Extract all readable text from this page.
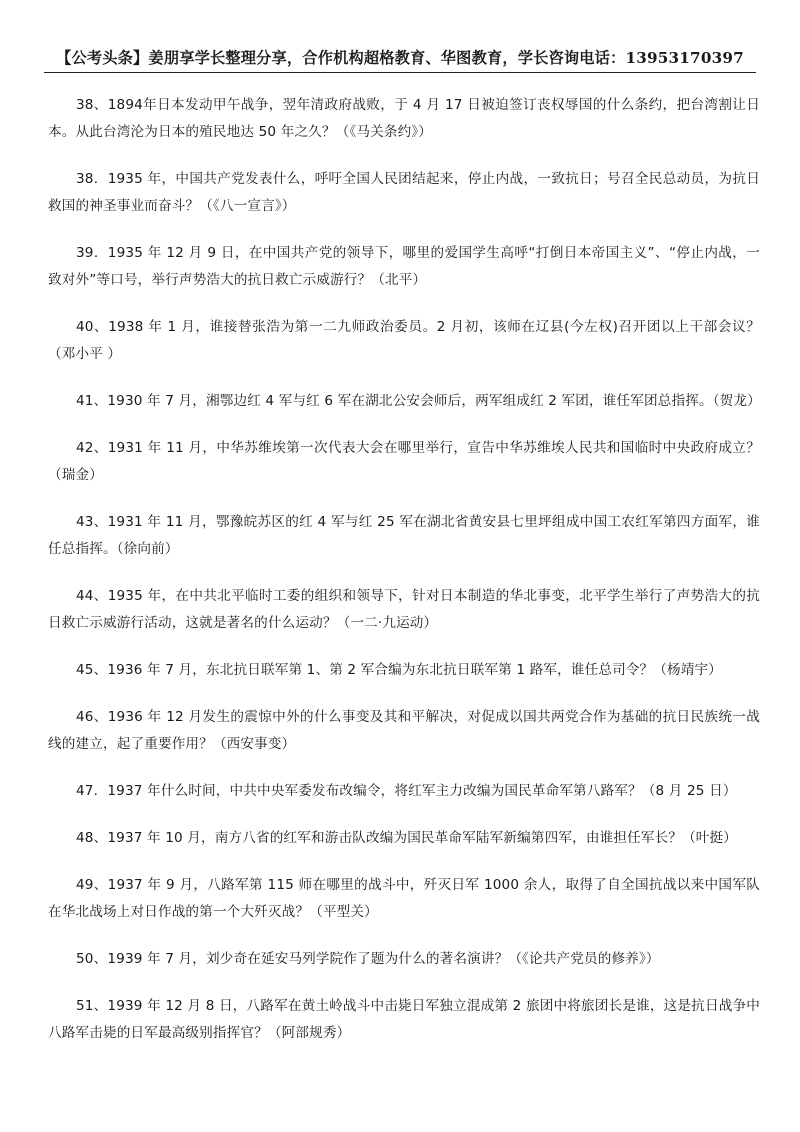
【公考头条】姜朋享学长整理分享，合作机构超格教育、华图教育，学长咨询电话：13953170397

38、1894年日本发动甲午战争，翌年清政府战败，于 4 月 17 日被迫签订丧权辱国的什么条约，把台湾割让日本。从此台湾沦为日本的殖民地达 50 年之久？（《马关条约》）

38．1935 年，中国共产党发表什么，呼吁全国人民团结起来，停止内战，一致抗日；号召全民总动员，为抗日救国的神圣事业而奋斗？（《八一宣言》）

39．1935 年 12 月 9 日，在中国共产党的领导下，哪里的爱国学生高呼“打倒日本帝国主义”、“停止内战，一致对外”等口号，举行声势浩大的抗日救亡示威游行？（北平）

40、1938 年 1 月，谁接替张浩为第一二九师政治委员。2 月初，该师在辽县(今左权)召开团以上干部会议？（邓小平 ）

41、1930 年 7 月，湘鄂边红 4 军与红 6 军在湖北公安会师后，两军组成红 2 军团，谁任军团总指挥。（贺龙）

42、1931 年 11 月，中华苏维埃第一次代表大会在哪里举行，宣告中华苏维埃人民共和国临时中央政府成立？（瑞金）

43、1931 年 11 月，鄂豫皖苏区的红 4 军与红 25 军在湖北省黄安县七里坪组成中国工农红军第四方面军，谁任总指挥。（徐向前）

44、1935 年，在中共北平临时工委的组织和领导下，针对日本制造的华北事变，北平学生举行了声势浩大的抗日救亡示威游行活动，这就是著名的什么运动？（一二·九运动）

45、1936 年 7 月，东北抗日联军第 1、第 2 军合编为东北抗日联军第 1 路军，谁任总司令？（杨靖宇）

46、1936 年 12 月发生的震惊中外的什么事变及其和平解决，对促成以国共两党合作为基础的抗日民族统一战线的建立，起了重要作用？（西安事变）

47．1937 年什么时间，中共中央军委发布改编令，将红军主力改编为国民革命军第八路军？（8 月 25 日）

48、1937 年 10 月，南方八省的红军和游击队改编为国民革命军陆军新编第四军，由谁担任军长？（叶挺）

49、1937 年 9 月，八路军第 115 师在哪里的战斗中，歼灭日军 1000 余人，取得了自全国抗战以来中国军队在华北战场上对日作战的第一个大歼灭战？（平型关）

50、1939 年 7 月，刘少奇在延安马列学院作了题为什么的著名演讲？（《论共产党员的修养》）

51、1939 年 12 月 8 日，八路军在黄土岭战斗中击毙日军独立混成第 2 旅团中将旅团长是谁，这是抗日战争中八路军击毙的日军最高级别指挥官？（阿部规秀）
